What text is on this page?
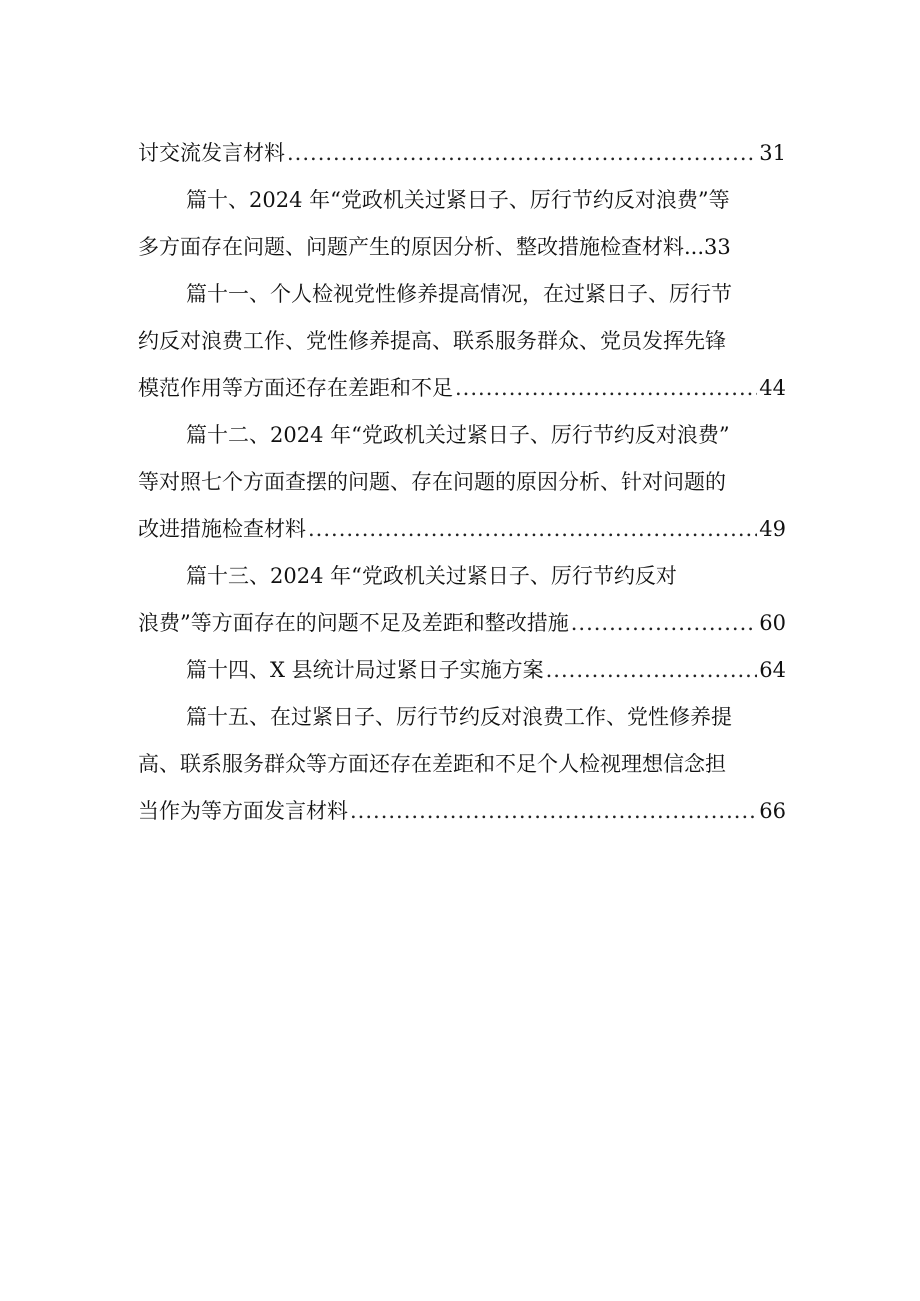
讨交流发言材料 .....	31
篇十、2024 年“党政机关过紧日子、厉行节约反对浪费”等
多方面存在问题、问题产生的原因分析、整改措施检查材料 ... 33
篇十一、个人检视党性修养提高情况，在过紧日子、厉行节
约反对浪费工作、党性修养提高、联系服务群众、党员发挥先锋
模范作用等方面还存在差距和不足 .....	44
篇十二、2024 年“党政机关过紧日子、厉行节约反对浪费”
等对照七个方面查摆的问题、存在问题的原因分析、针对问题的
改进措施检查材料 .....	49
篇十三、2024 年“党政机关过紧日子、厉行节约反对
浪费”等方面存在的问题不足及差距和整改措施 .....	60
篇十四、X 县统计局过紧日子实施方案 .....	64
篇十五、在过紧日子、厉行节约反对浪费工作、党性修养提
高、联系服务群众等方面还存在差距和不足个人检视理想信念担
当作为等方面发言材料 .....	66
